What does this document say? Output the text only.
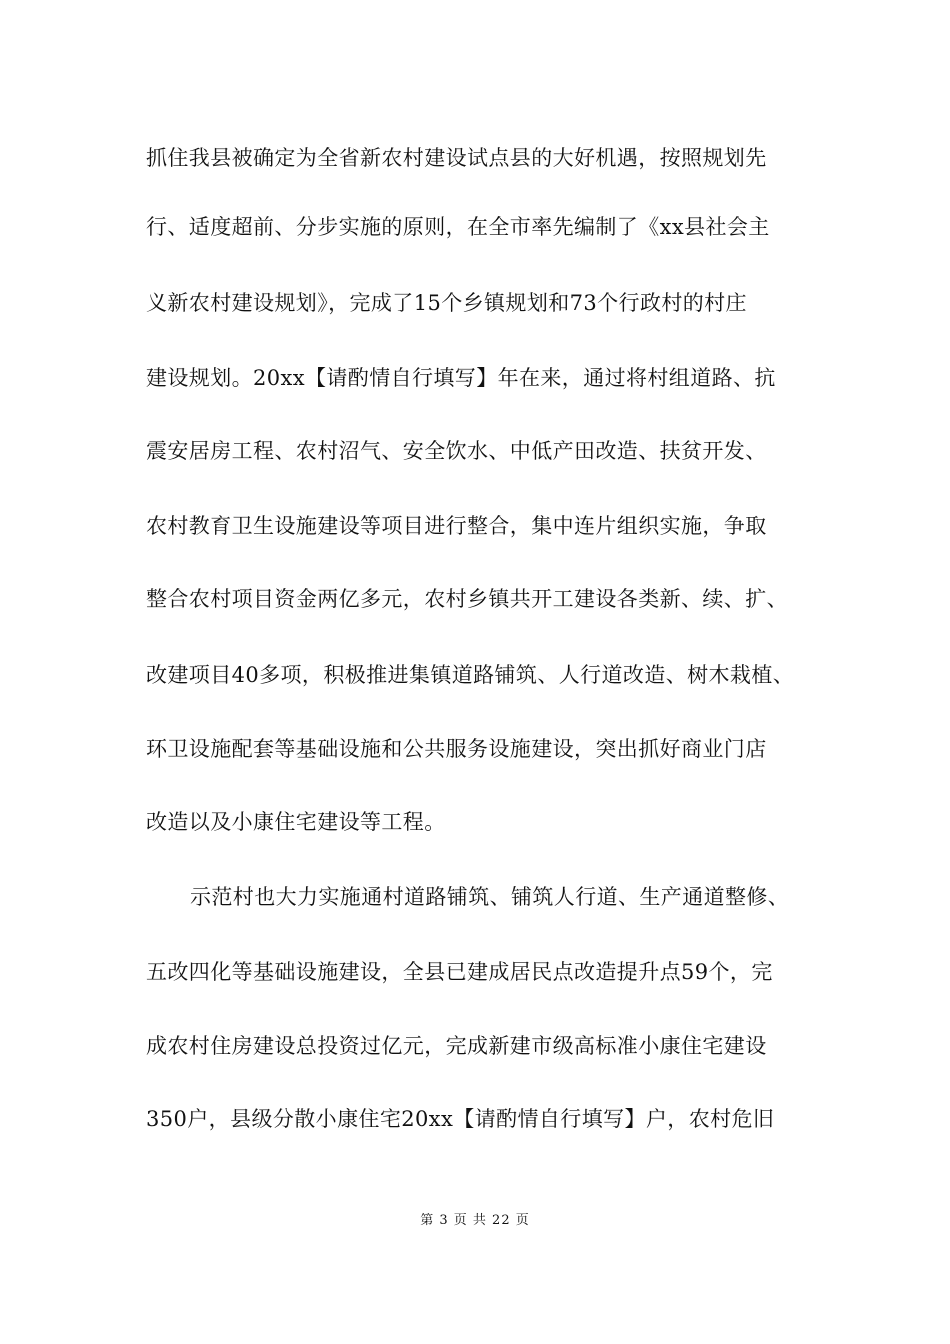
抓住我县被确定为全省新农村建设试点县的大好机遇，按照规划先
行、适度超前、分步实施的原则，在全市率先编制了《xx县社会主
义新农村建设规划》，完成了15个乡镇规划和73个行政村的村庄
建设规划。20xx【请酌情自行填写】年在来，通过将村组道路、抗
震安居房工程、农村沼气、安全饮水、中低产田改造、扶贫开发、
农村教育卫生设施建设等项目进行整合，集中连片组织实施，争取
整合农村项目资金两亿多元，农村乡镇共开工建设各类新、续、扩、
改建项目40多项，积极推进集镇道路铺筑、人行道改造、树木栽植、
环卫设施配套等基础设施和公共服务设施建设，突出抓好商业门店
改造以及小康住宅建设等工程。
示范村也大力实施通村道路铺筑、铺筑人行道、生产通道整修、
五改四化等基础设施建设，全县已建成居民点改造提升点59个，完
成农村住房建设总投资过亿元，完成新建市级高标准小康住宅建设
350户，县级分散小康住宅20xx【请酌情自行填写】户，农村危旧
第 3 页 共 22 页
